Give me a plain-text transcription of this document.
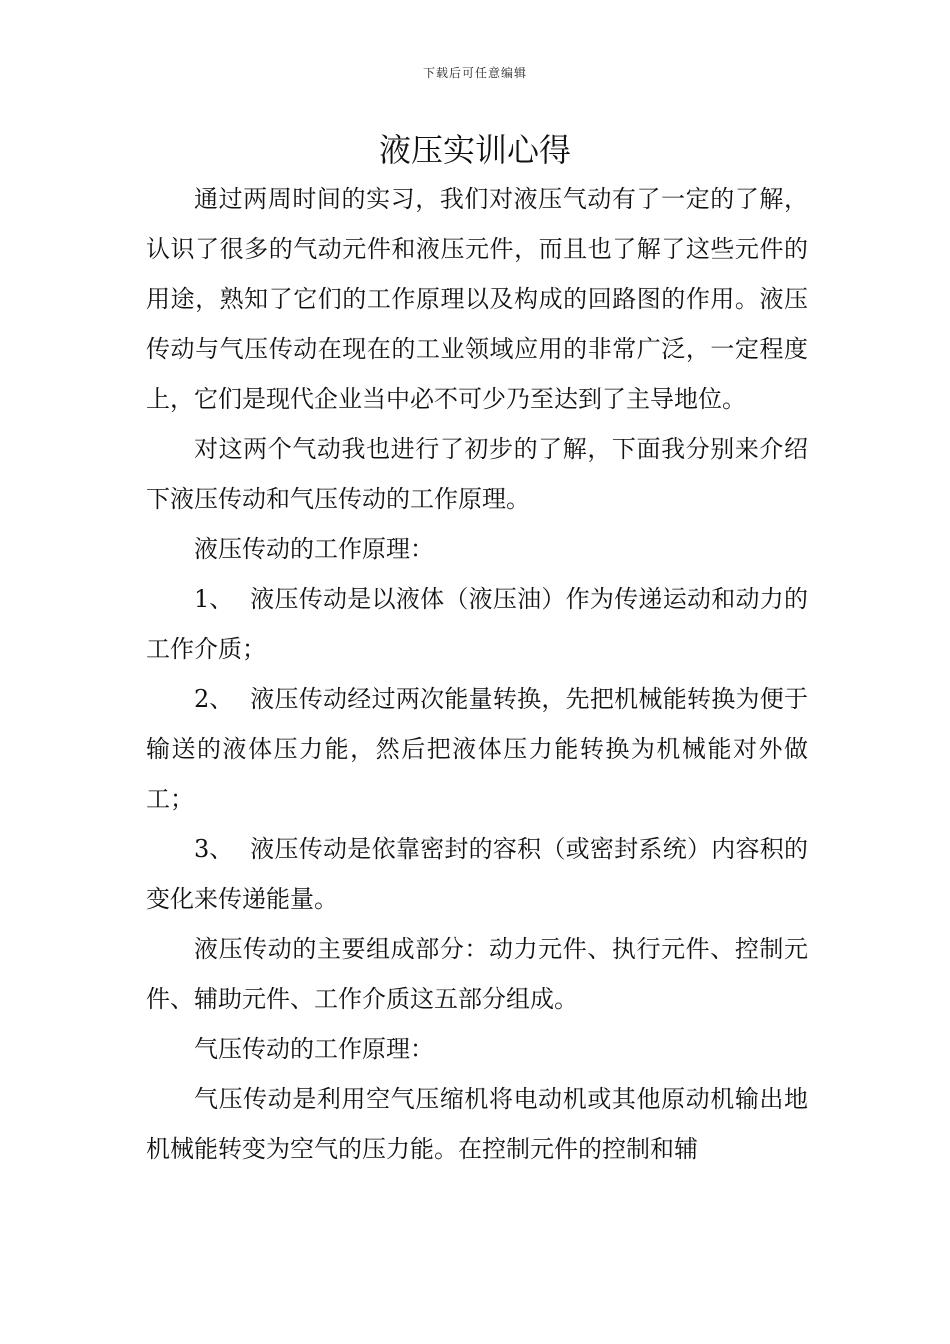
下载后可任意编辑
液压实训心得

通过两周时间的实习，我们对液压气动有了一定的了解，认识了很多的气动元件和液压元件，而且也了解了这些元件的用途，熟知了它们的工作原理以及构成的回路图的作用。液压传动与气压传动在现在的工业领域应用的非常广泛，一定程度上，它们是现代企业当中必不可少乃至达到了主导地位。

对这两个气动我也进行了初步的了解，下面我分别来介绍下液压传动和气压传动的工作原理。

液压传动的工作原理：

1、 液压传动是以液体（液压油）作为传递运动和动力的工作介质；

2、 液压传动经过两次能量转换，先把机械能转换为便于输送的液体压力能，然后把液体压力能转换为机械能对外做工；

3、 液压传动是依靠密封的容积（或密封系统）内容积的变化来传递能量。

液压传动的主要组成部分：动力元件、执行元件、控制元件、辅助元件、工作介质这五部分组成。

气压传动的工作原理：

气压传动是利用空气压缩机将电动机或其他原动机输出地机械能转变为空气的压力能。在控制元件的控制和辅
